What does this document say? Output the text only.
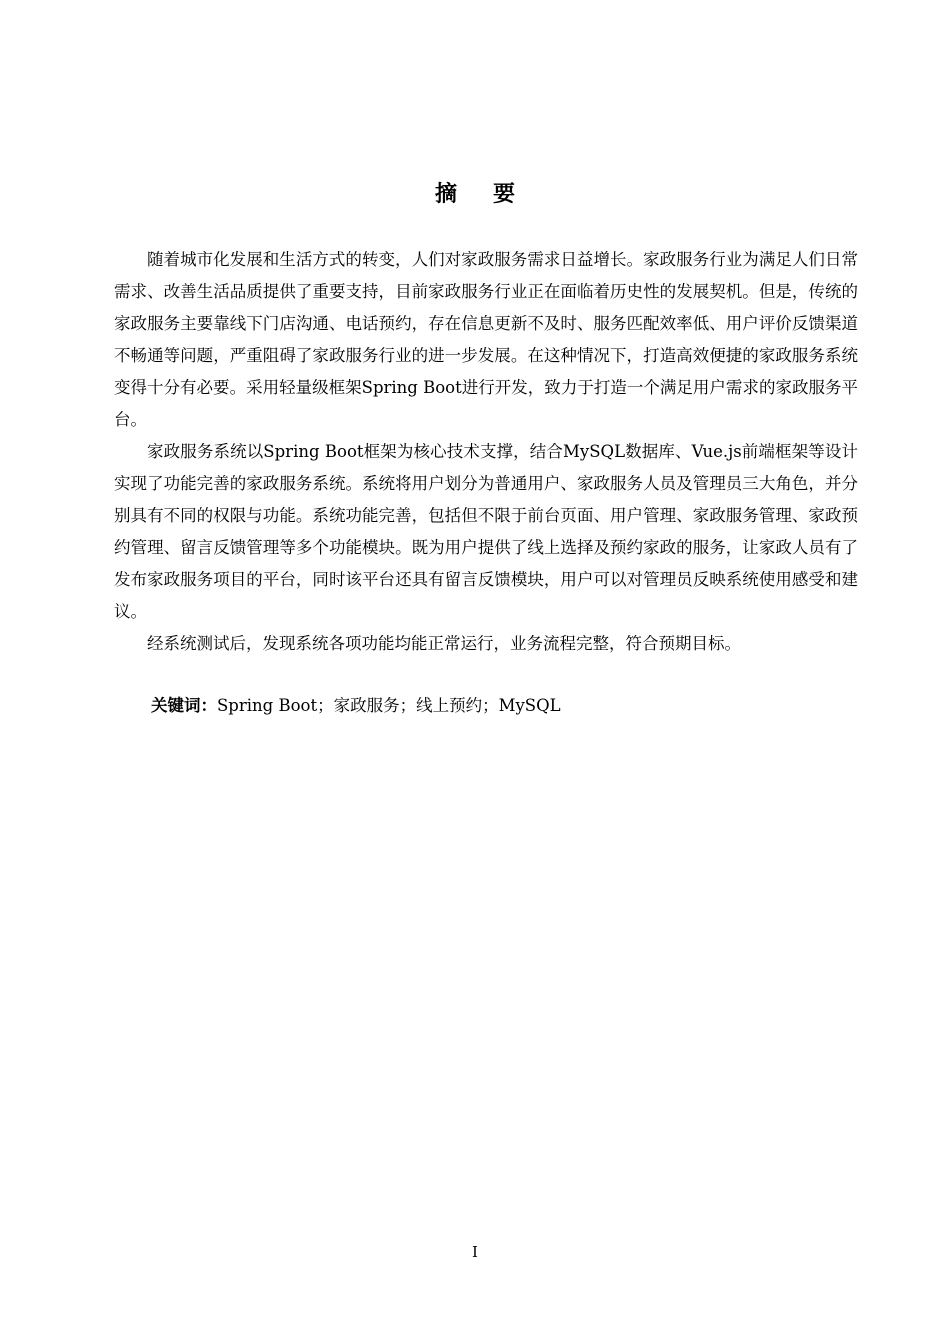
摘要

随着城市化发展和生活方式的转变，人们对家政服务需求日益增长。家政服务行业为满足人们日常需求、改善生活品质提供了重要支持，目前家政服务行业正在面临着历史性的发展契机。但是，传统的家政服务主要靠线下门店沟通、电话预约，存在信息更新不及时、服务匹配效率低、用户评价反馈渠道不畅通等问题，严重阻碍了家政服务行业的进一步发展。在这种情况下，打造高效便捷的家政服务系统变得十分有必要。采用轻量级框架Spring Boot进行开发，致力于打造一个满足用户需求的家政服务平台。

家政服务系统以Spring Boot框架为核心技术支撑，结合MySQL数据库、Vue.js前端框架等设计实现了功能完善的家政服务系统。系统将用户划分为普通用户、家政服务人员及管理员三大角色，并分别具有不同的权限与功能。系统功能完善，包括但不限于前台页面、用户管理、家政服务管理、家政预约管理、留言反馈管理等多个功能模块。既为用户提供了线上选择及预约家政的服务，让家政人员有了发布家政服务项目的平台，同时该平台还具有留言反馈模块，用户可以对管理员反映系统使用感受和建议。

经系统测试后，发现系统各项功能均能正常运行，业务流程完整，符合预期目标。

关键词：Spring Boot；家政服务；线上预约；MySQL
I
